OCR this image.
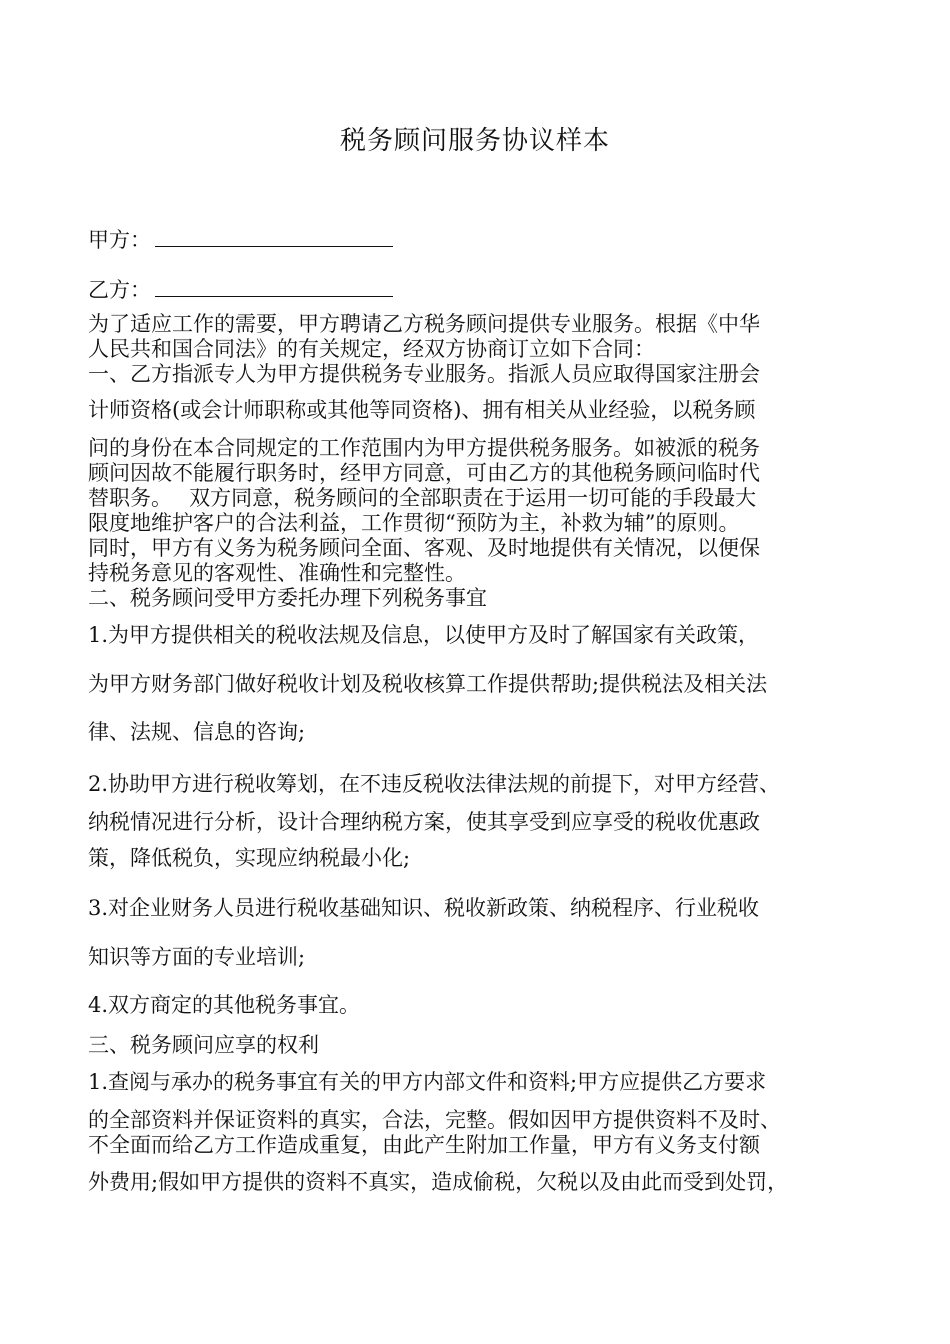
税务顾问服务协议样本
甲方：
乙方：
为了适应工作的需要，甲方聘请乙方税务顾问提供专业服务。根据《中华
人民共和国合同法》的有关规定，经双方协商订立如下合同：
一、乙方指派专人为甲方提供税务专业服务。指派人员应取得国家注册会
计师资格(或会计师职称或其他等同资格)、拥有相关从业经验，以税务顾
问的身份在本合同规定的工作范围内为甲方提供税务服务。如被派的税务
顾问因故不能履行职务时，经甲方同意，可由乙方的其他税务顾问临时代
替职务。　 双方同意，税务顾问的全部职责在于运用一切可能的手段最大
限度地维护客户的合法利益，工作贯彻“预防为主，补救为辅”的原则。
同时，甲方有义务为税务顾问全面、客观、及时地提供有关情况，以便保
持税务意见的客观性、准确性和完整性。
二、税务顾问受甲方委托办理下列税务事宜
1.为甲方提供相关的税收法规及信息，以使甲方及时了解国家有关政策，
为甲方财务部门做好税收计划及税收核算工作提供帮助;提供税法及相关法
律、法规、信息的咨询;
2.协助甲方进行税收筹划，在不违反税收法律法规的前提下，对甲方经营、
纳税情况进行分析，设计合理纳税方案，使其享受到应享受的税收优惠政
策，降低税负，实现应纳税最小化;
3.对企业财务人员进行税收基础知识、税收新政策、纳税程序、行业税收
知识等方面的专业培训;
4.双方商定的其他税务事宜。
三、税务顾问应享的权利
1.查阅与承办的税务事宜有关的甲方内部文件和资料;甲方应提供乙方要求
的全部资料并保证资料的真实，合法，完整。假如因甲方提供资料不及时、
不全面而给乙方工作造成重复，由此产生附加工作量，甲方有义务支付额
外费用;假如甲方提供的资料不真实，造成偷税，欠税以及由此而受到处罚，
